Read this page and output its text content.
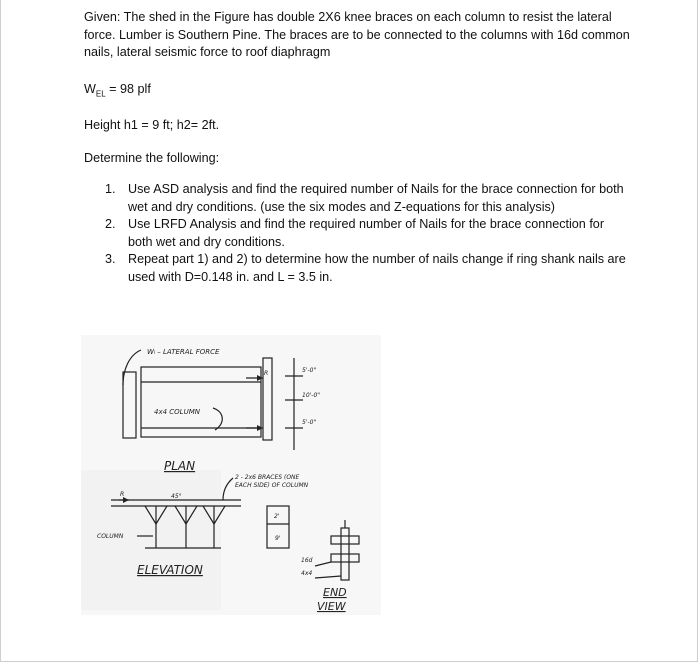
Given: The shed in the Figure has double 2X6 knee braces on each column to resist the lateral force. Lumber is Southern Pine. The braces are to be connected to the columns with 16d common nails, lateral seismic force to roof diaphragm

$W_{EL} = 98$ plf

Height h1 = 9 ft; h2= 2ft.

Determine the following:

1. Use ASD analysis and find the required number of Nails for the brace connection for both wet and dry conditions. (use the six modes and Z-equations for this analysis)
2. Use LRFD Analysis and find the required number of Nails for the brace connection for both wet and dry conditions.
3. Repeat part 1) and 2) to determine how the number of nails change if ring shank nails are used with D=0.148 in. and L = 3.5 in.
Wₗ – LATERAL FORCE
4x4 COLUMN
R	5'-0"
10'-0"
5'-0"
PLAN
2 - 2x6 BRACES (ONE
EACH SIDE) OF COLUMN
45°
COLUMN
R
2'
9'
16d
4x4
ELEVATION
END
VIEW
